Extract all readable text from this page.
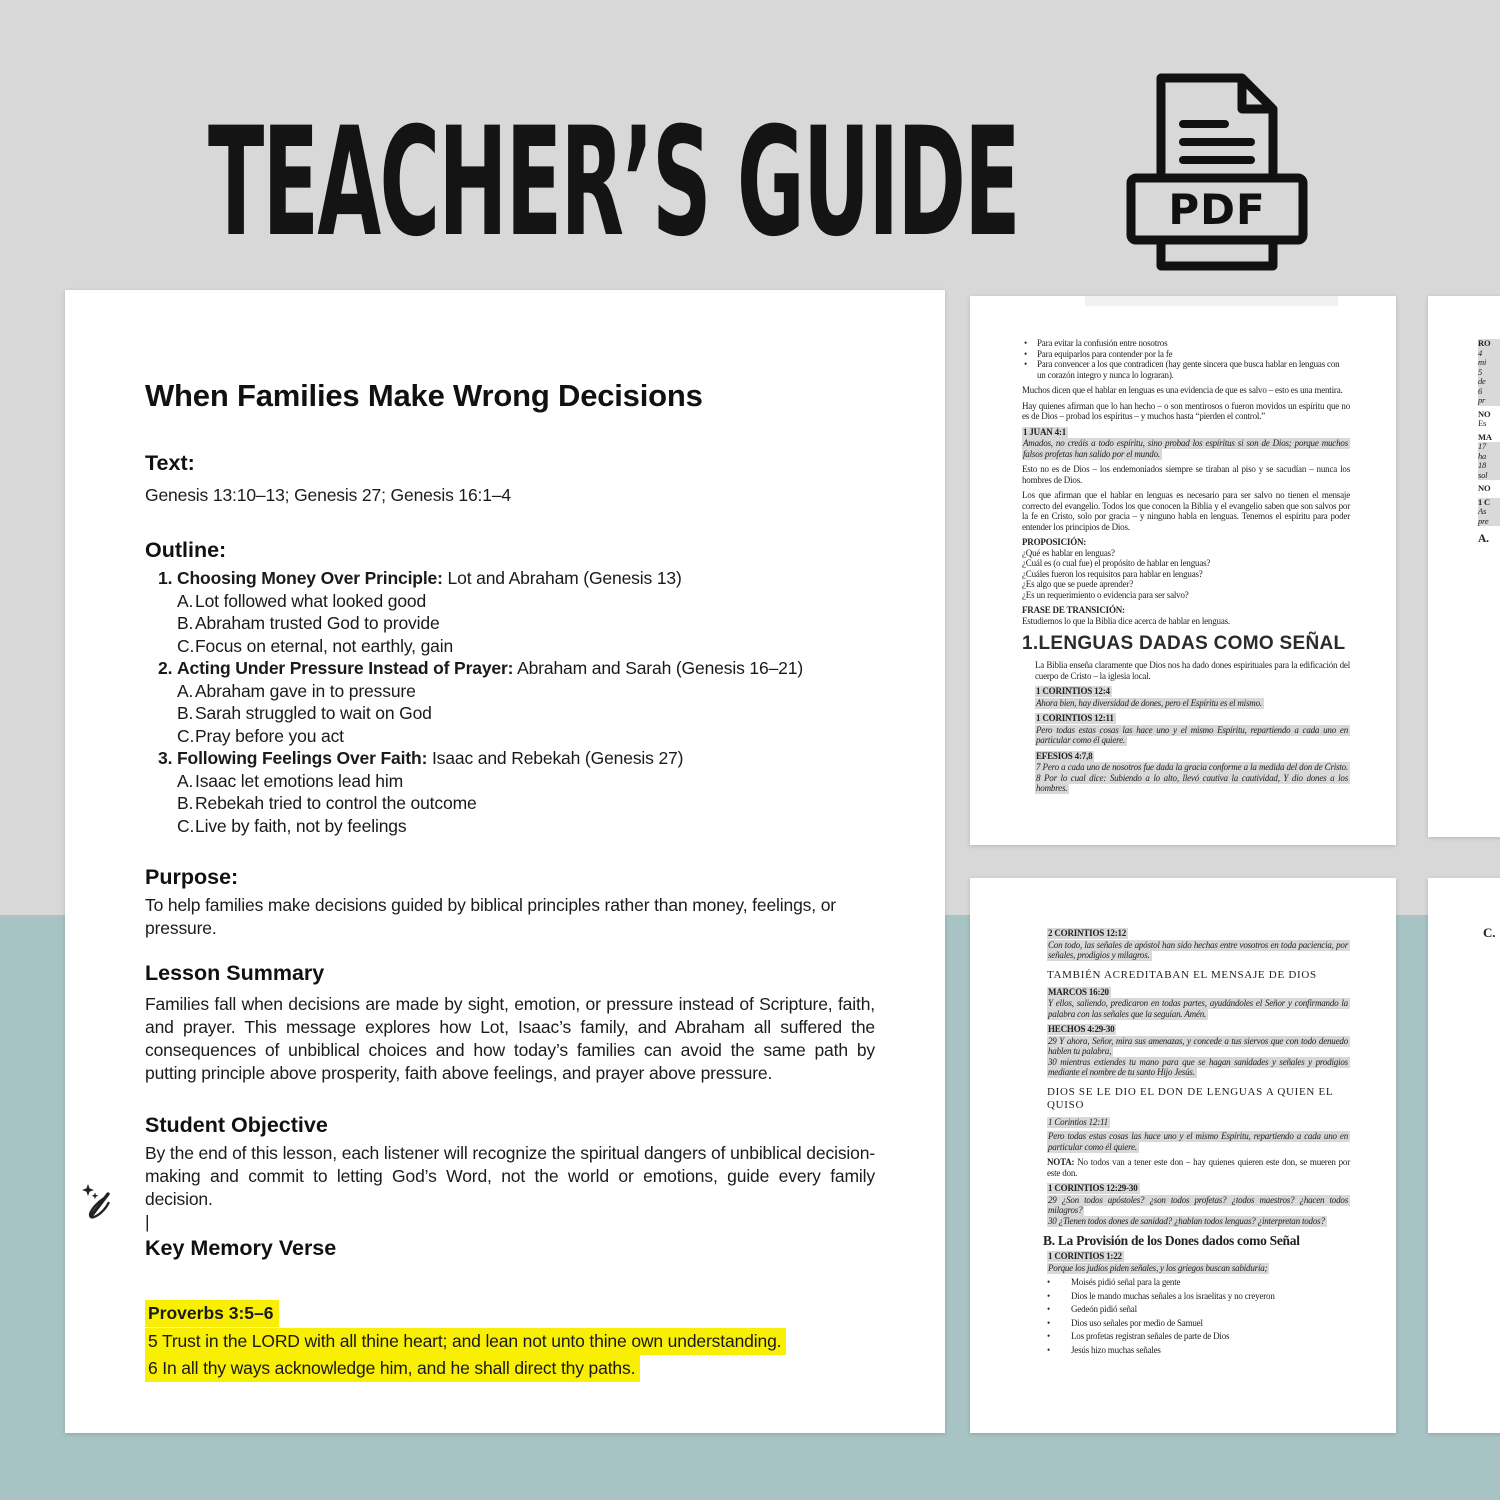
TEACHER’S GUIDE	PDF
When Families Make Wrong Decisions
Text:

Genesis 13:10–13; Genesis 27; Genesis 16:1–4

Outline:
1. Choosing Money Over Principle: Lot and Abraham (Genesis 13)
A. Lot followed what looked good
B. Abraham trusted God to provide
C. Focus on eternal, not earthly, gain
2. Acting Under Pressure Instead of Prayer: Abraham and Sarah (Genesis 16–21)
A. Abraham gave in to pressure
B. Sarah struggled to wait on God
C. Pray before you act
3. Following Feelings Over Faith: Isaac and Rebekah (Genesis 27)
A. Isaac let emotions lead him
B. Rebekah tried to control the outcome
C. Live by faith, not by feelings
Purpose:

To help families make decisions guided by biblical principles rather than money, feelings, or pressure.

Lesson Summary

Families fall when decisions are made by sight, emotion, or pressure instead of Scripture, faith, and prayer. This message explores how Lot, Isaac’s family, and Abraham all suffered the consequences of unbiblical choices and how today’s families can avoid the same path by putting principle above prosperity, faith above feelings, and prayer above pressure.

Student Objective

By the end of this lesson, each listener will recognize the spiritual dangers of unbiblical decision-making and commit to letting God’s Word, not the world or emotions, guide every family decision.

|
Key Memory Verse
Proverbs 3:5–6
5 Trust in the LORD with all thine heart; and lean not unto thine own understanding.
6 In all thy ways acknowledge him, and he shall direct thy paths.
•	Para evitar la confusión entre nosotros
•	Para equiparlos para contender por la fe
•	Para convencer a los que contradicen (hay gente sincera que busca hablar en lenguas con un corazón integro y nunca lo lograran).

Muchos dicen que el hablar en lenguas es una evidencia de que es salvo – esto es una mentira.

Hay quienes afirman que lo han hecho – o son mentirosos o fueron movidos un espíritu que no es de Dios – probad los espíritus – y muchos hasta “pierden el control.”

1 JUAN 4:1

Amados, no creáis a todo espíritu, sino probad los espíritus si son de Dios; porque muchos falsos profetas han salido por el mundo.

Esto no es de Dios – los endemoniados siempre se tiraban al piso y se sacudían – nunca los hombres de Dios.

Los que afirman que el hablar en lenguas es necesario para ser salvo no tienen el mensaje correcto del evangelio. Todos los que conocen la Biblia y el evangelio saben que son salvos por la fe en Cristo, solo por gracia – y ninguno habla en lenguas. Tenemos el espíritu para poder entender los principios de Dios.

PROPOSICIÓN:
¿Qué es hablar en lenguas?
¿Cuál es (o cual fue) el propósito de hablar en lenguas?
¿Cuáles fueron los requisitos para hablar en lenguas?
¿Es algo que se puede aprender?
¿Es un requerimiento o evidencia para ser salvo?
FRASE DE TRANSICIÓN:
Estudiemos lo que la Biblia dice acerca de hablar en lenguas.
1.LENGUAS DADAS COMO SEÑAL

La Biblia enseña claramente que Dios nos ha dado dones espirituales para la edificación del cuerpo de Cristo – la iglesia local.

1 CORINTIOS 12:4

Ahora bien, hay diversidad de dones, pero el Espíritu es el mismo.

1 CORINTIOS 12:11

Pero todas estas cosas las hace uno y el mismo Espíritu, repartiendo a cada uno en particular como él quiere.

EFESIOS 4:7,8

7 Pero a cada uno de nosotros fue dada la gracia conforme a la medida del don de Cristo. 8 Por lo cual dice: Subiendo a lo alto, llevó cautiva la cautividad, Y dio dones a los hombres.

2 CORINTIOS 12:12

Con todo, las señales de apóstol han sido hechas entre vosotros en toda paciencia, por señales, prodigios y milagros.

TAMBIÉN ACREDITABAN EL MENSAJE DE DIOS
MARCOS 16:20

Y ellos, saliendo, predicaron en todas partes, ayudándoles el Señor y confirmando la palabra con las señales que la seguían. Amén.

HECHOS 4:29-30

29 Y ahora, Señor, mira sus amenazas, y concede a tus siervos que con todo denuedo hablen tu palabra,
30 mientras extiendes tu mano para que se hagan sanidades y señales y prodigios mediante el nombre de tu santo Hijo Jesús.

DIOS SE LE DIO EL DON DE LENGUAS A QUIEN EL QUISO
1 Corintios 12:11

Pero todas estas cosas las hace uno y el mismo Espíritu, repartiendo a cada uno en particular como él quiere.

NOTA: No todos van a tener este don – hay quienes quieren este don, se mueren por este don.

1 CORINTIOS 12:29-30

29 ¿Son todos apóstoles? ¿son todos profetas? ¿todos maestros? ¿hacen todos milagros?
30 ¿Tienen todos dones de sanidad? ¿hablan todos lenguas? ¿interpretan todos?

B. La Provisión de los Dones dados como Señal
1 CORINTIOS 1:22

Porque los judíos piden señales, y los griegos buscan sabiduría;

•	Moisés pidió señal para la gente
•	Dios le mando muchas señales a los israelitas y no creyeron
•	Gedeón pidió señal
•	Dios uso señales por medio de Samuel
•	Los profetas registran señales de parte de Dios
•	Jesús hizo muchas señales
RO
4
mi
5
de
6
pr
NO
Es
MA
17
ha
18
sol
NO
1 C
As
pre
A.
C.
